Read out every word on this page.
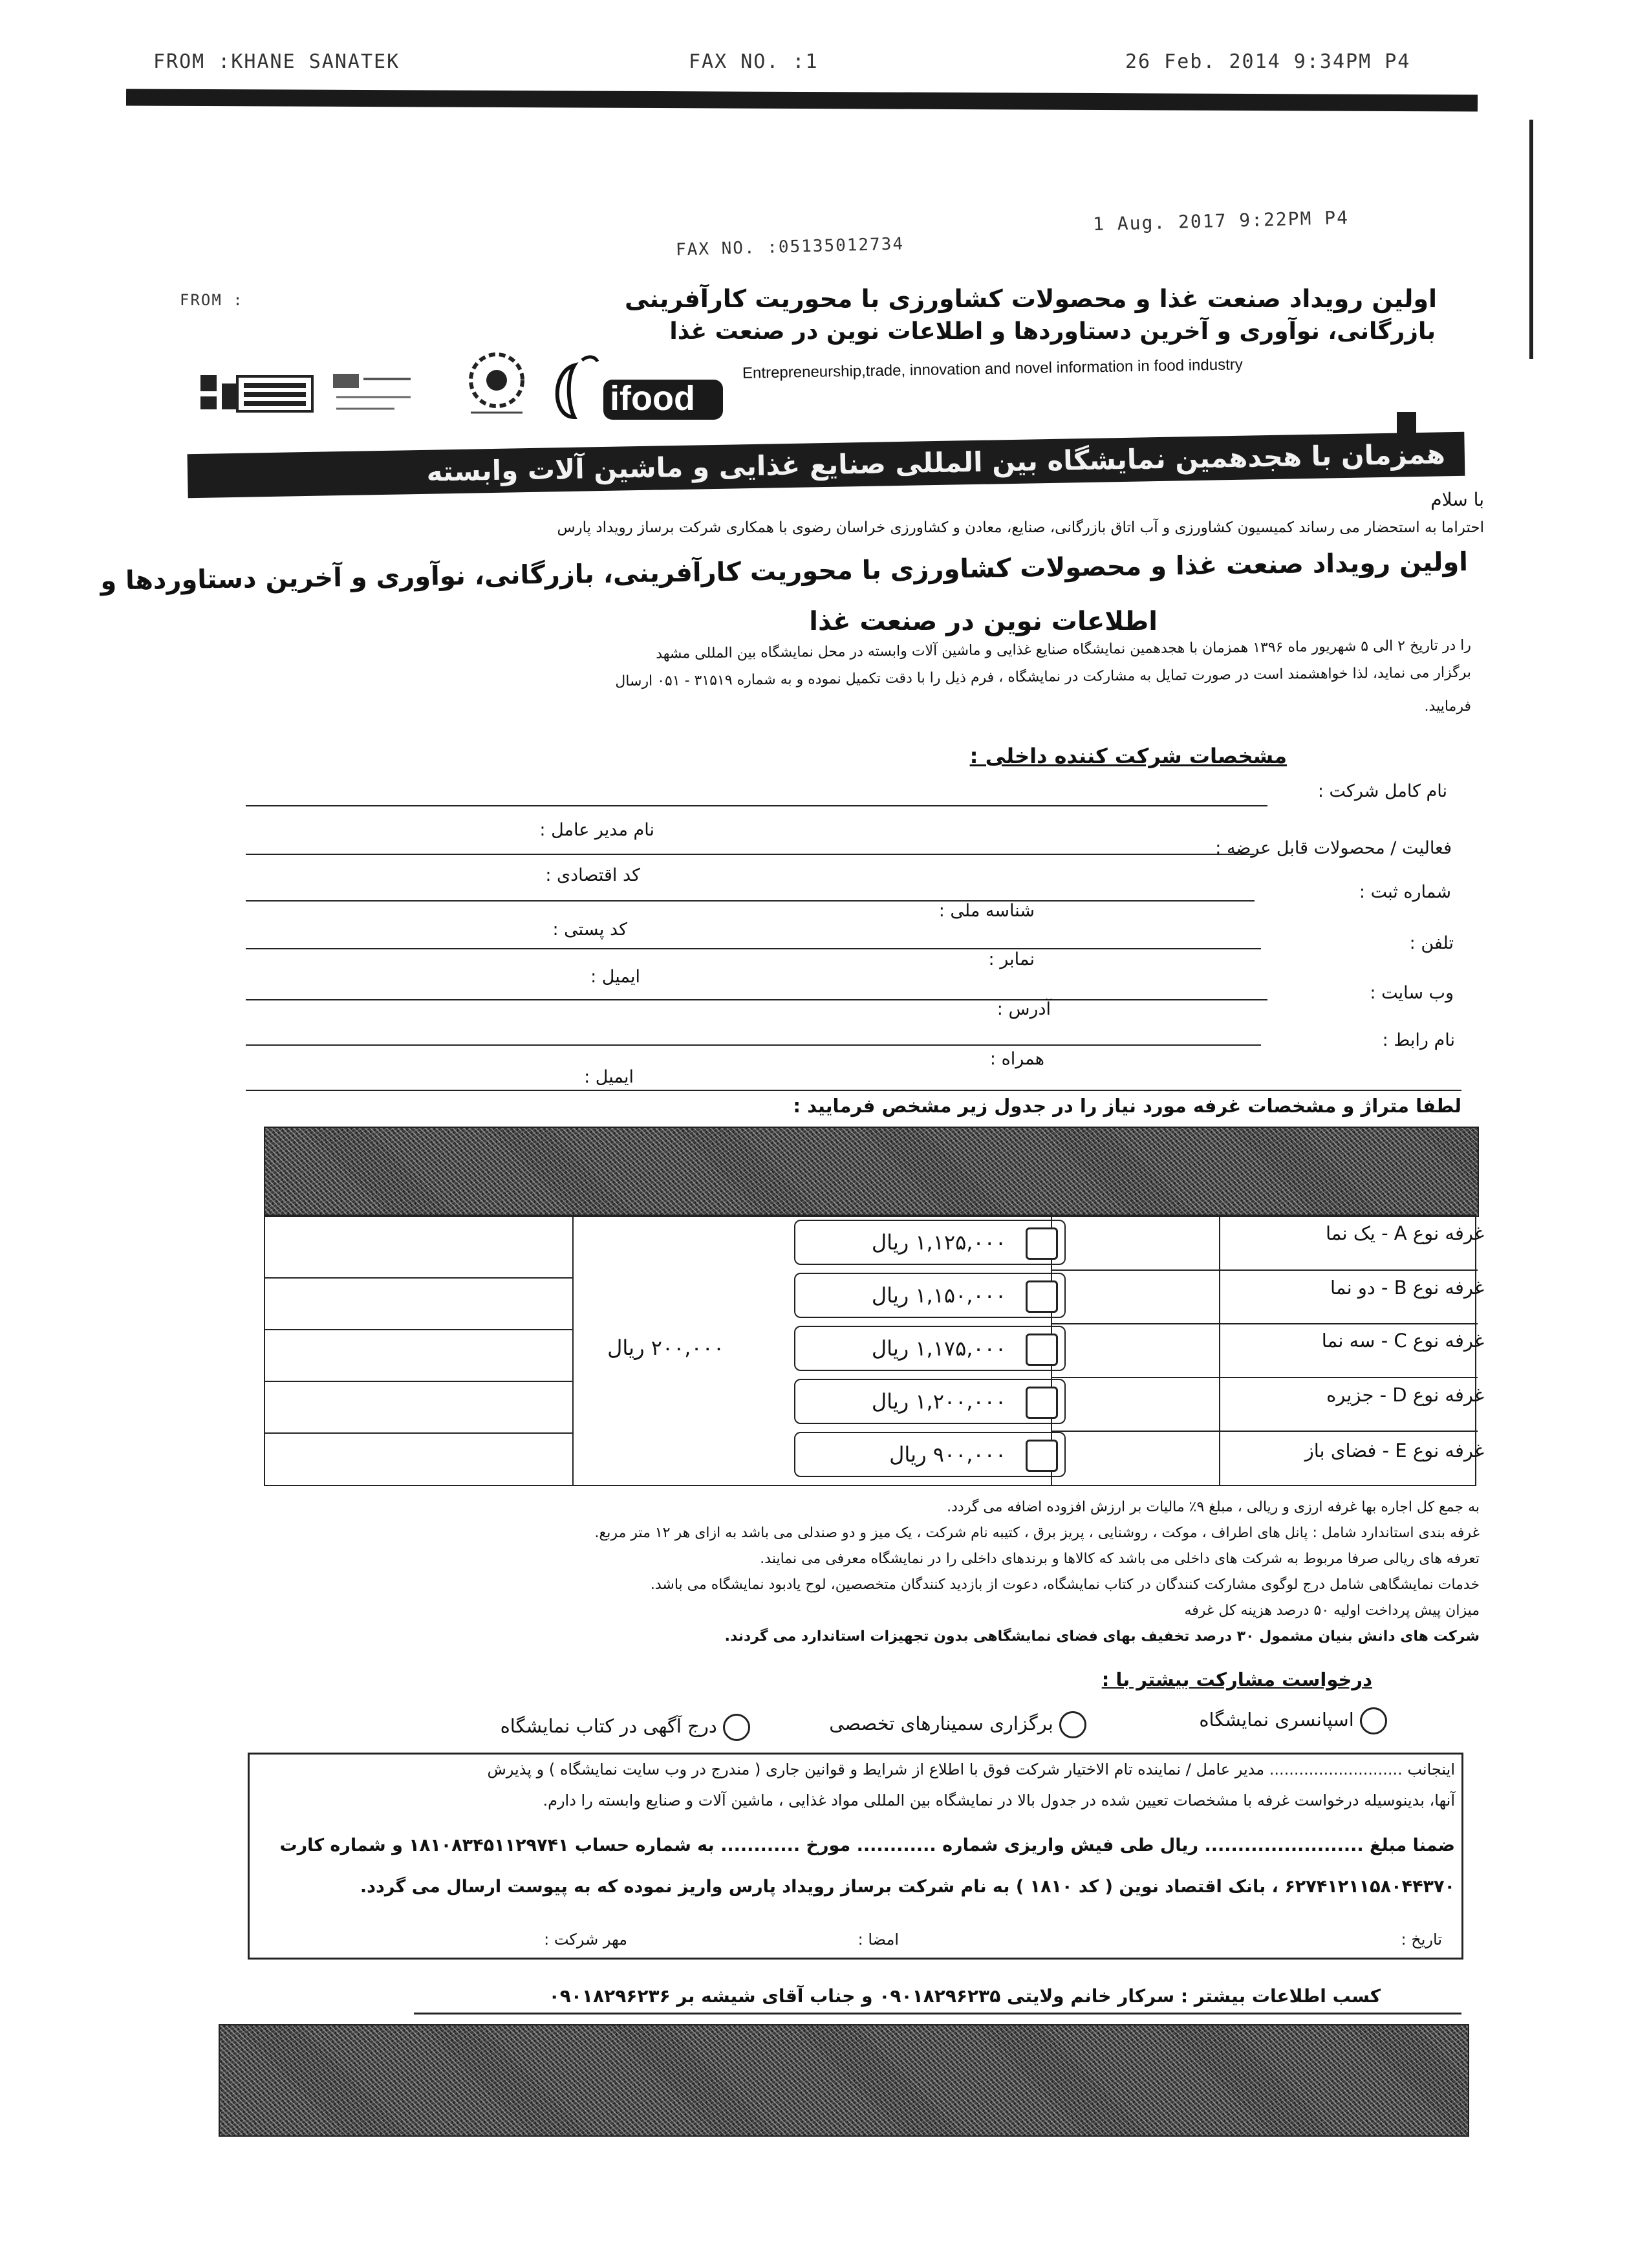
FROM :KHANE SANATEK	FAX NO. :1	26 Feb. 2014 9:34PM P4
1 Aug. 2017 9:22PM P4
FAX NO. :05135012734
FROM :
ifood
اولین رویداد صنعت غذا و محصولات کشاورزی با محوریت کارآفرینی
بازرگانی، نوآوری و آخرین دستاوردها و اطلاعات نوین در صنعت غذا
Entrepreneurship,trade, innovation and novel information in food industry
همزمان با هجدهمین نمایشگاه بین المللی صنایع غذایی و ماشین آلات وابسته
با سلام
احتراما به استحضار می رساند کمیسیون کشاورزی و آب اتاق بازرگانی، صنایع، معادن و کشاورزی خراسان رضوی با همکاری شرکت برساز رویداد پارس
اولین رویداد صنعت غذا و محصولات کشاورزی با محوریت کارآفرینی، بازرگانی، نوآوری و آخرین دستاوردها و
اطلاعات نوین در صنعت غذا
را در تاریخ ۲ الی ۵ شهریور ماه ۱۳۹۶ همزمان با هجدهمین نمایشگاه صنایع غذایی و ماشین آلات وابسته در محل نمایشگاه بین المللی مشهد
برگزار می نماید، لذا خواهشمند است در صورت تمایل به مشارکت در نمایشگاه ، فرم ذیل را با دقت تکمیل نموده و به شماره ۳۱۵۱۹ - ۰۵۱ ارسال
فرمایید.
مشخصات شرکت کننده داخلی :
نام کامل شرکت :
نام مدیر عامل :
فعالیت / محصولات قابل عرضه :
کد اقتصادی :
شماره ثبت :
شناسه ملی :
کد پستی :
تلفن :
نمابر :
ایمیل :
وب سایت :
آدرس :
نام رابط :
همراه :
ایمیل :
لطفا متراژ و مشخصات غرفه مورد نیاز را در جدول زیر مشخص فرمایید :
۲۰۰,۰۰۰ ریال
۱,۱۲۵,۰۰۰ ریال	غرفه نوع A - یک نما
۱,۱۵۰,۰۰۰ ریال	غرفه نوع B - دو نما
۱,۱۷۵,۰۰۰ ریال	غرفه نوع C - سه نما
۱,۲۰۰,۰۰۰ ریال	غرفه نوع D - جزیره
۹۰۰,۰۰۰ ریال	غرفه نوع E - فضای باز
به جمع کل اجاره بها غرفه ارزی و ریالی ، مبلغ ۹٪ مالیات بر ارزش افزوده اضافه می گردد.
غرفه بندی استاندارد شامل : پانل های اطراف ، موکت ، روشنایی ، پریز برق ، کتیبه نام شرکت ، یک میز و دو صندلی می باشد به ازای هر ۱۲ متر مربع.
تعرفه های ریالی صرفا مربوط به شرکت های داخلی می باشد که کالاها و برندهای داخلی را در نمایشگاه معرفی می نمایند.
خدمات نمایشگاهی شامل درج لوگوی مشارکت کنندگان در کتاب نمایشگاه، دعوت از بازدید کنندگان متخصصین، لوح یادبود نمایشگاه می باشد.
میزان پیش پرداخت اولیه ۵۰ درصد هزینه کل غرفه
شرکت های دانش بنیان مشمول ۳۰ درصد تخفیف بهای فضای نمایشگاهی بدون تجهیزات استاندارد می گردند.
درخواست مشارکت بیشتر با :
اسپانسری نمایشگاه
برگزاری سمینارهای تخصصی
درج آگهی در کتاب نمایشگاه
اینجانب ........................... مدیر عامل / نماینده تام الاختیار شرکت فوق با اطلاع از شرایط و قوانین جاری ( مندرج در وب سایت نمایشگاه ) و پذیرش
آنها، بدینوسیله درخواست غرفه با مشخصات تعیین شده در جدول بالا در نمایشگاه بین المللی مواد غذایی ، ماشین آلات و صنایع وابسته را دارم.
ضمنا مبلغ ........................ ریال طی فیش واریزی شماره ............ مورخ ............ به شماره حساب ۱۸۱۰۸۳۴۵۱۱۲۹۷۴۱ و شماره کارت
۶۲۷۴۱۲۱۱۵۸۰۴۴۳۷۰ ، بانک اقتصاد نوین ( کد ۱۸۱۰ ) به نام شرکت برساز رویداد پارس واریز نموده که به پیوست ارسال می گردد.
تاریخ :
امضا :
مهر شرکت :
کسب اطلاعات بیشتر : سرکار خانم ولایتی ۰۹۰۱۸۲۹۶۲۳۵ و جناب آقای شیشه بر ۰۹۰۱۸۲۹۶۲۳۶
